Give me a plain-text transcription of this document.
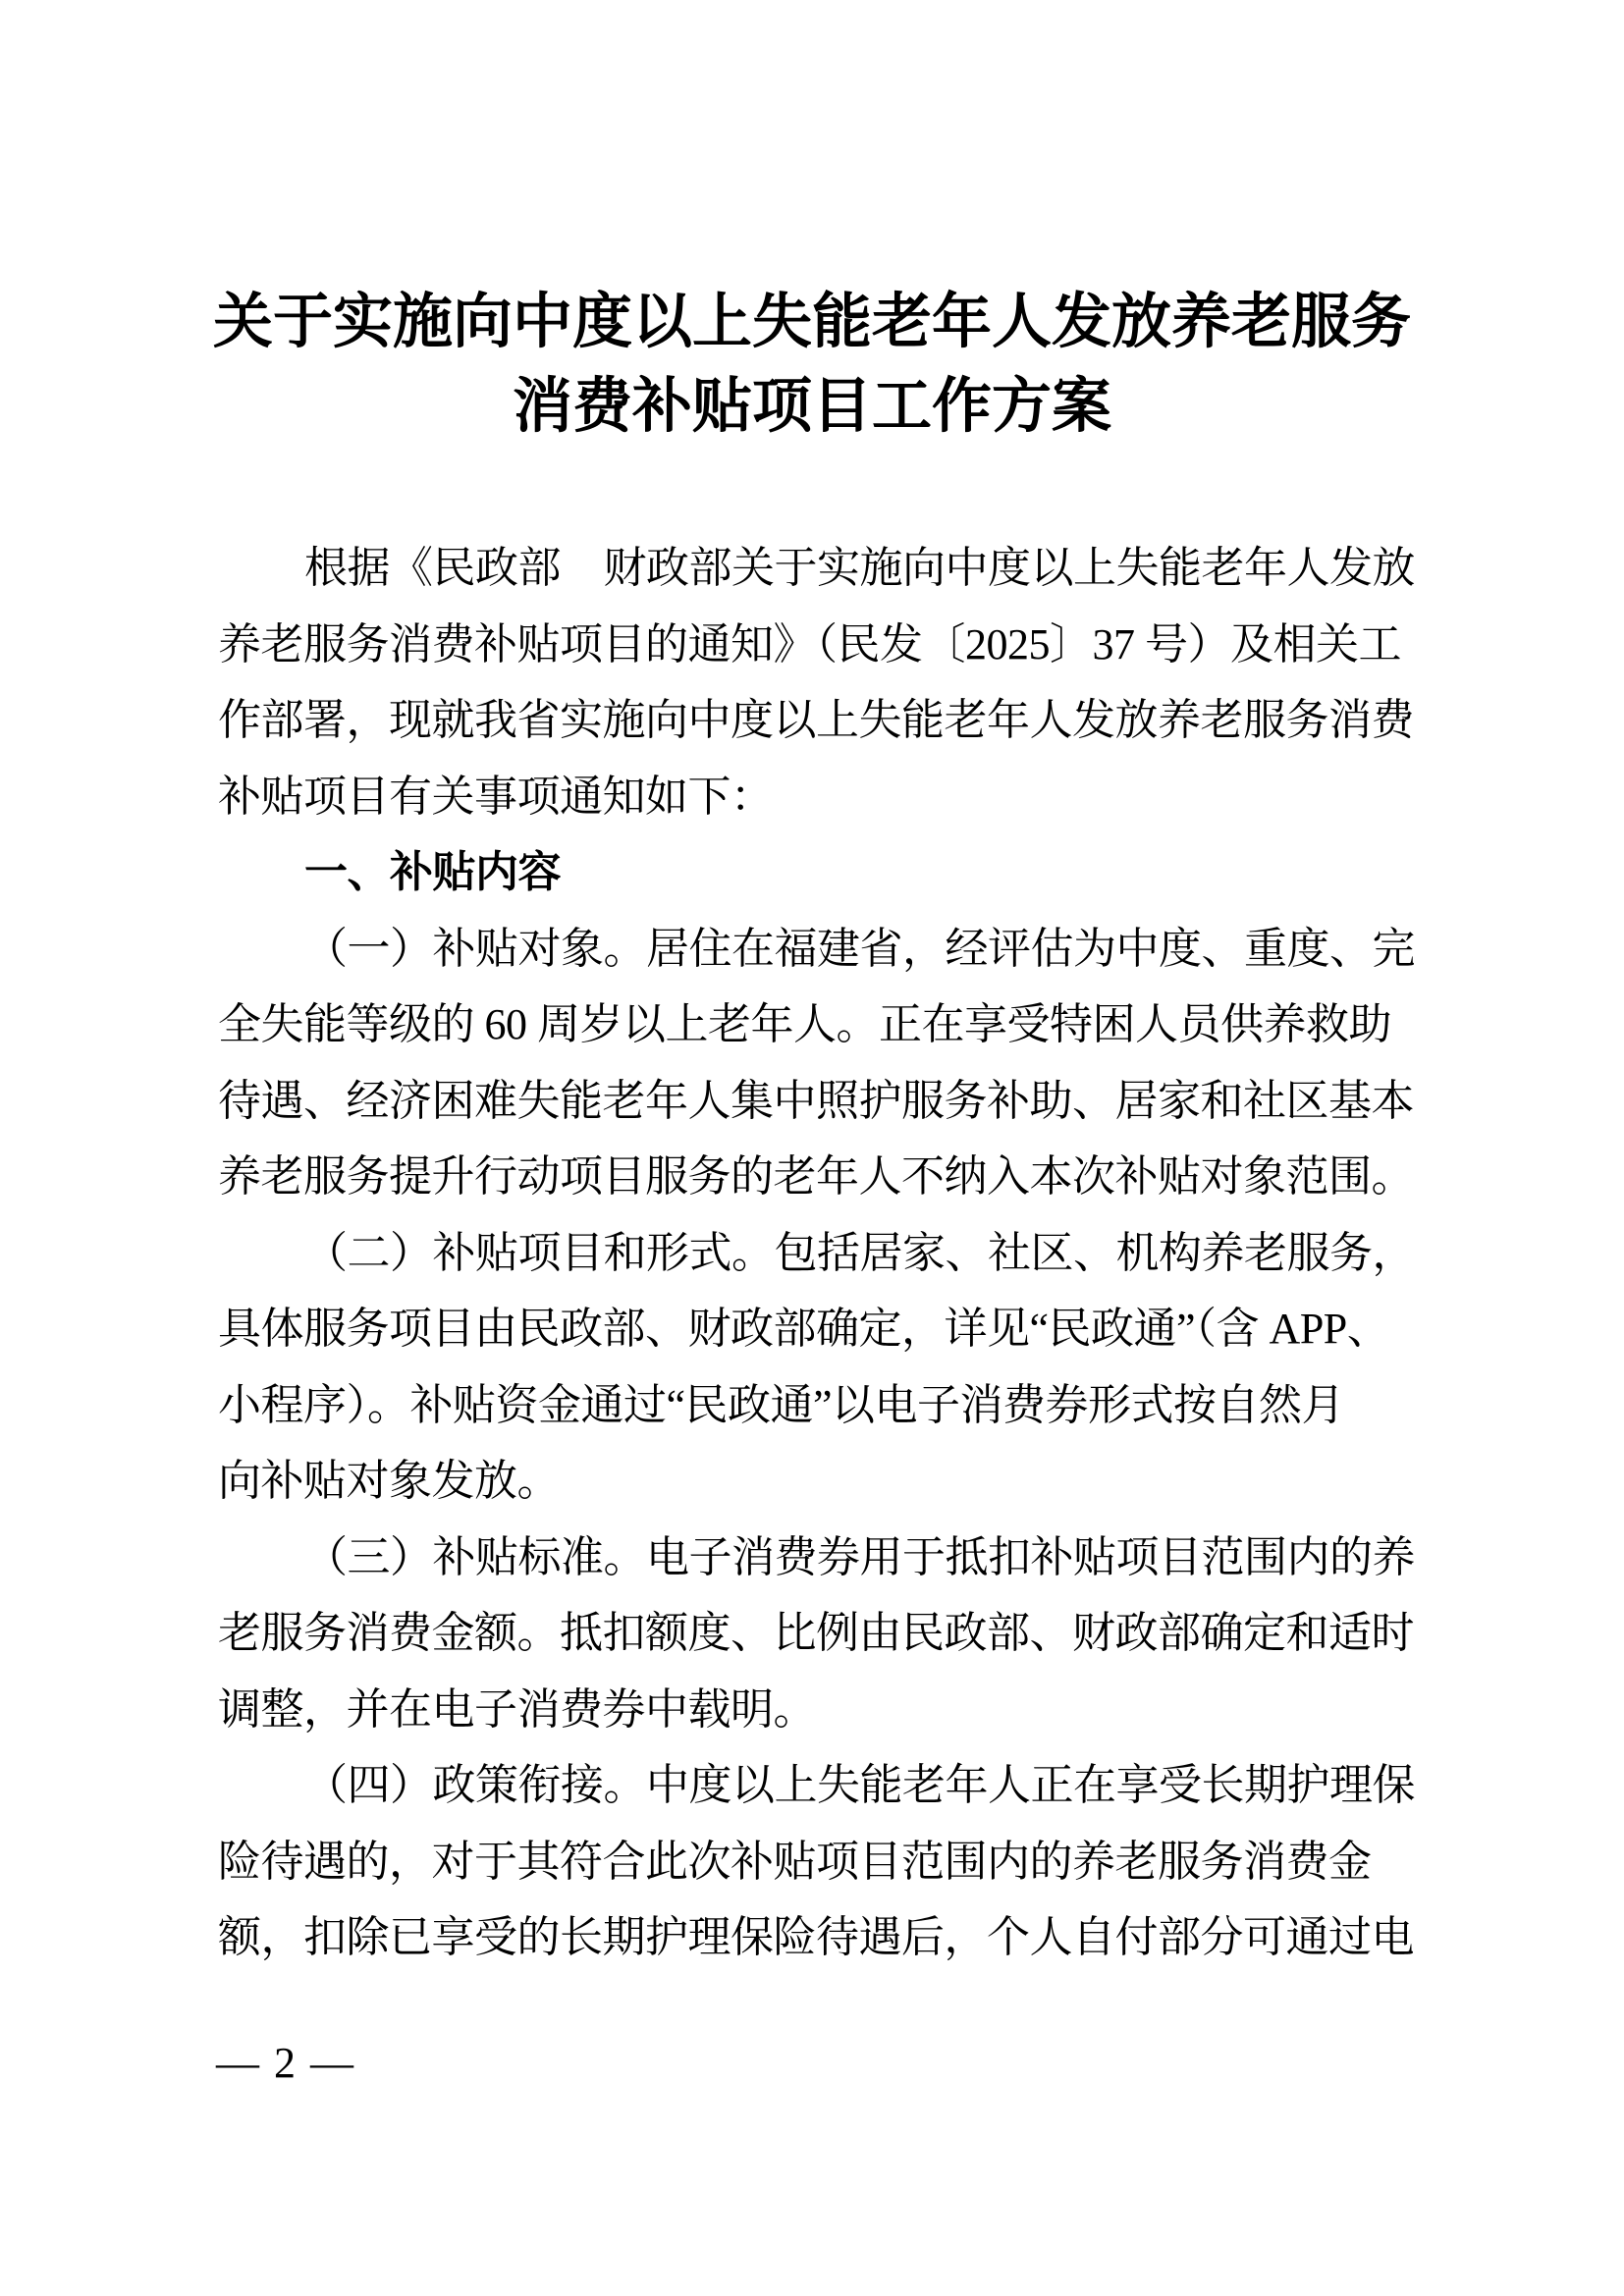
关于实施向中度以上失能老年人发放养老服务
消费补贴项目工作方案
根据《民政部　财政部关于实施向中度以上失能老年人发放
养老服务消费补贴项目的通知》（民发〔2025〕37 号）及相关工
作部署，现就我省实施向中度以上失能老年人发放养老服务消费
补贴项目有关事项通知如下：
一、补贴内容
（一）补贴对象。居住在福建省，经评估为中度、重度、完
全失能等级的 60 周岁以上老年人。正在享受特困人员供养救助
待遇、经济困难失能老年人集中照护服务补助、居家和社区基本
养老服务提升行动项目服务的老年人不纳入本次补贴对象范围。
（二）补贴项目和形式。包括居家、社区、机构养老服务，
具体服务项目由民政部、财政部确定，详见“民政通”（含 APP、
小程序）。补贴资金通过“民政通”以电子消费券形式按自然月
向补贴对象发放。
（三）补贴标准。电子消费券用于抵扣补贴项目范围内的养
老服务消费金额。抵扣额度、比例由民政部、财政部确定和适时
调整，并在电子消费券中载明。
（四）政策衔接。中度以上失能老年人正在享受长期护理保
险待遇的，对于其符合此次补贴项目范围内的养老服务消费金
额，扣除已享受的长期护理保险待遇后，个人自付部分可通过电
— 2 —
